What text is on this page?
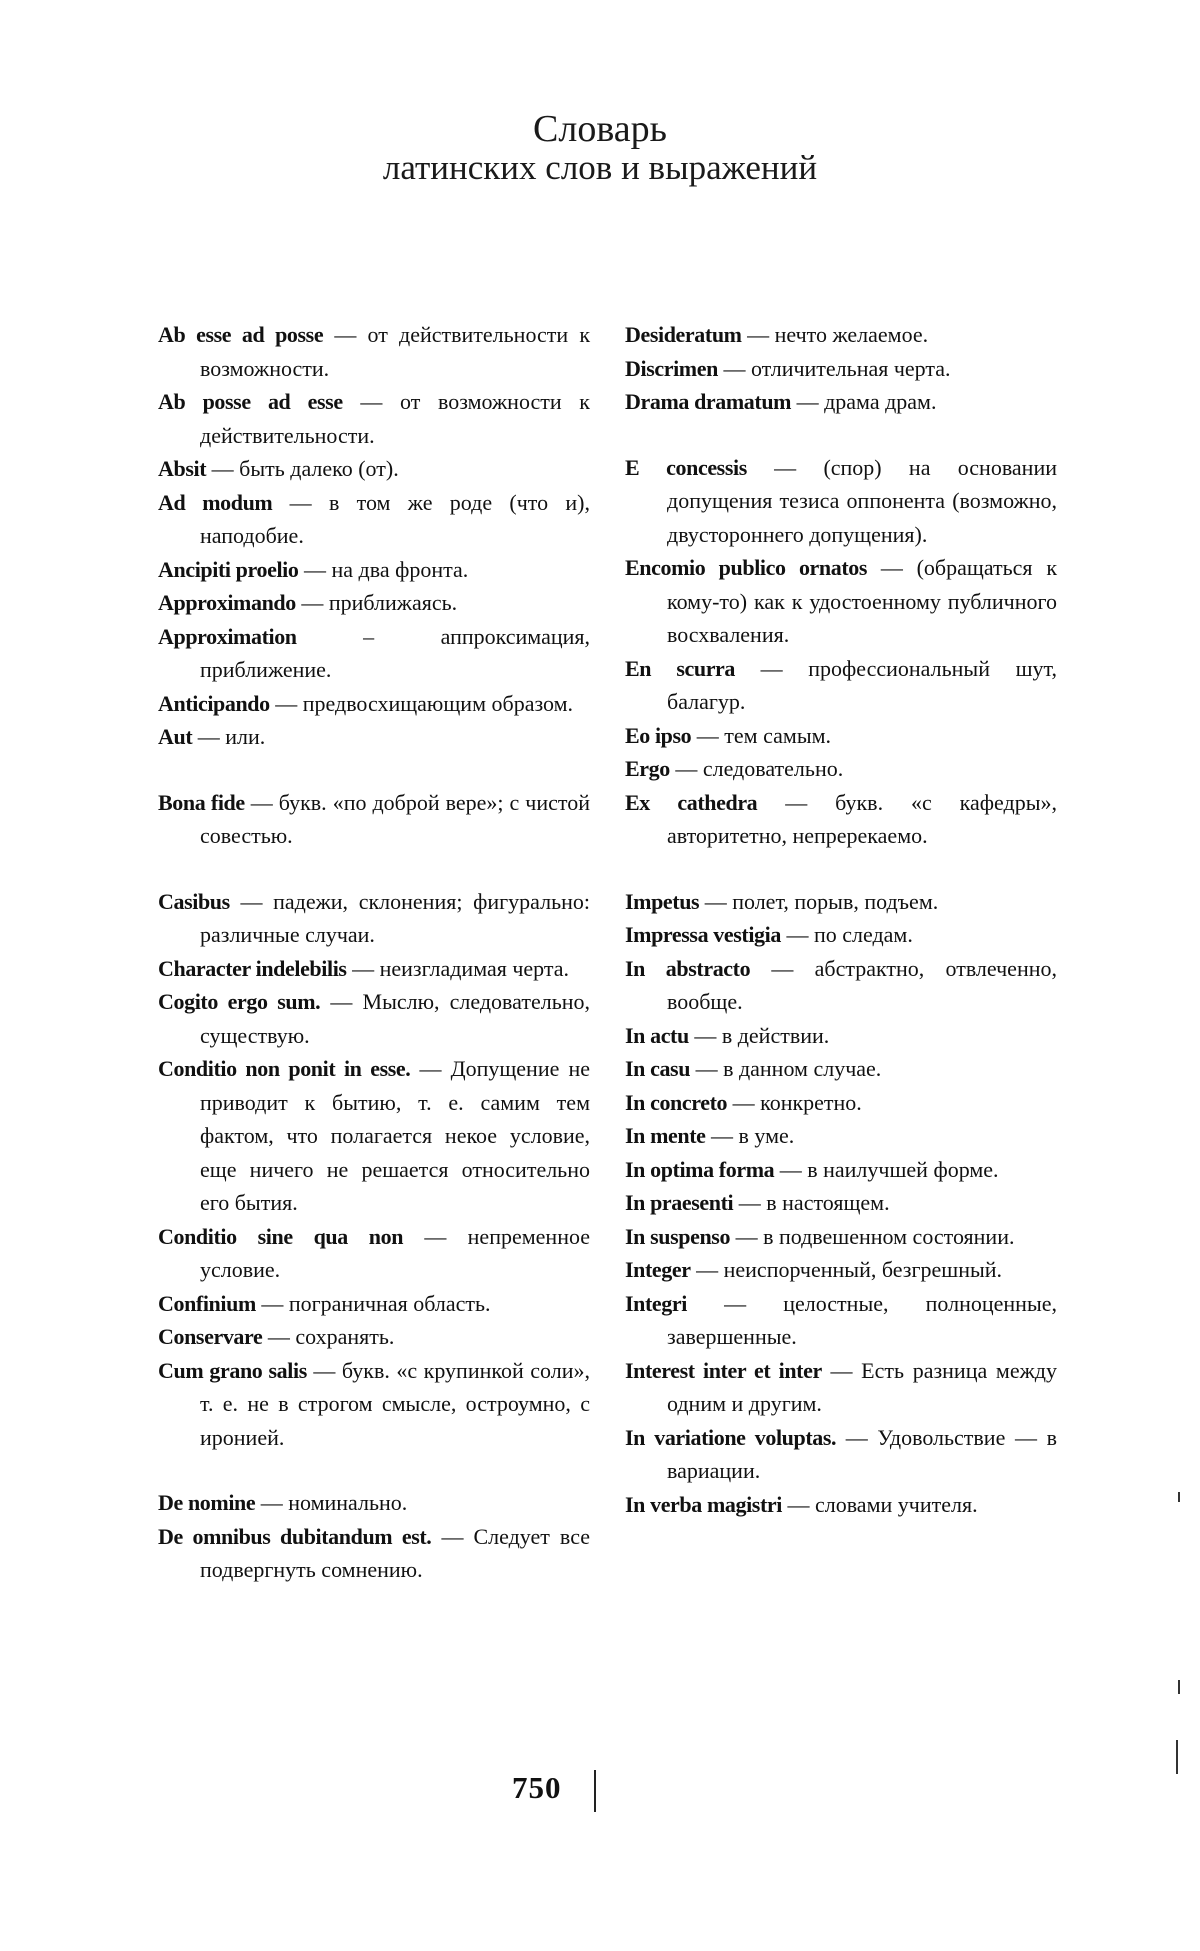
Словарь
латинских слов и выражений
Ab esse ad posse — от действительности к возможности.
Ab posse ad esse — от возможности к действительности.
Absit — быть далеко (от).
Ad modum — в том же роде (что и), наподобие.
Ancipiti proelio — на два фронта.
Approximando — приближаясь.
Approximation – аппроксимация, приближение.
Anticipando — предвосхищающим образом.
Aut — или.
Bona fide — букв. «по доброй вере»; с чистой совестью.
Casibus — падежи, склонения; фигурально: различные случаи.
Character indelebilis — неизгладимая черта.
Cogito ergo sum. — Мыслю, следовательно, существую.
Conditio non ponit in esse. — Допущение не приводит к бытию, т. е. самим тем фактом, что полагается некое условие, еще ничего не решается относительно его бытия.
Conditio sine qua non — непременное условие.
Confinium — пограничная область.
Conservare — сохранять.
Cum grano salis — букв. «с крупинкой соли», т. е. не в строгом смысле, остроумно, с иронией.
De nomine — номинально.
De omnibus dubitandum est. — Следует все подвергнуть сомнению.
Desideratum — нечто желаемое.
Discrimen — отличительная черта.
Drama dramatum — драма драм.
E concessis — (спор) на основании допущения тезиса оппонента (возможно, двустороннего допущения).
Encomio publico ornatos — (обращаться к кому-то) как к удостоенному публичного восхваления.
En scurra — профессиональный шут, балагур.
Eo ipso — тем самым.
Ergo — следовательно.
Ex cathedra — букв. «с кафедры», авторитетно, непререкаемо.
Impetus — полет, порыв, подъем.
Impressa vestigia — по следам.
In abstracto — абстрактно, отвлеченно, вообще.
In actu — в действии.
In casu — в данном случае.
In concreto — конкретно.
In mente — в уме.
In optima forma — в наилучшей форме.
In praesenti — в настоящем.
In suspenso — в подвешенном состоянии.
Integer — неиспорченный, безгрешный.
Integri — целостные, полноценные, завершенные.
Interest inter et inter — Есть разница между одним и другим.
In variatione voluptas. — Удовольствие — в вариации.
In verba magistri — словами учителя.
750
